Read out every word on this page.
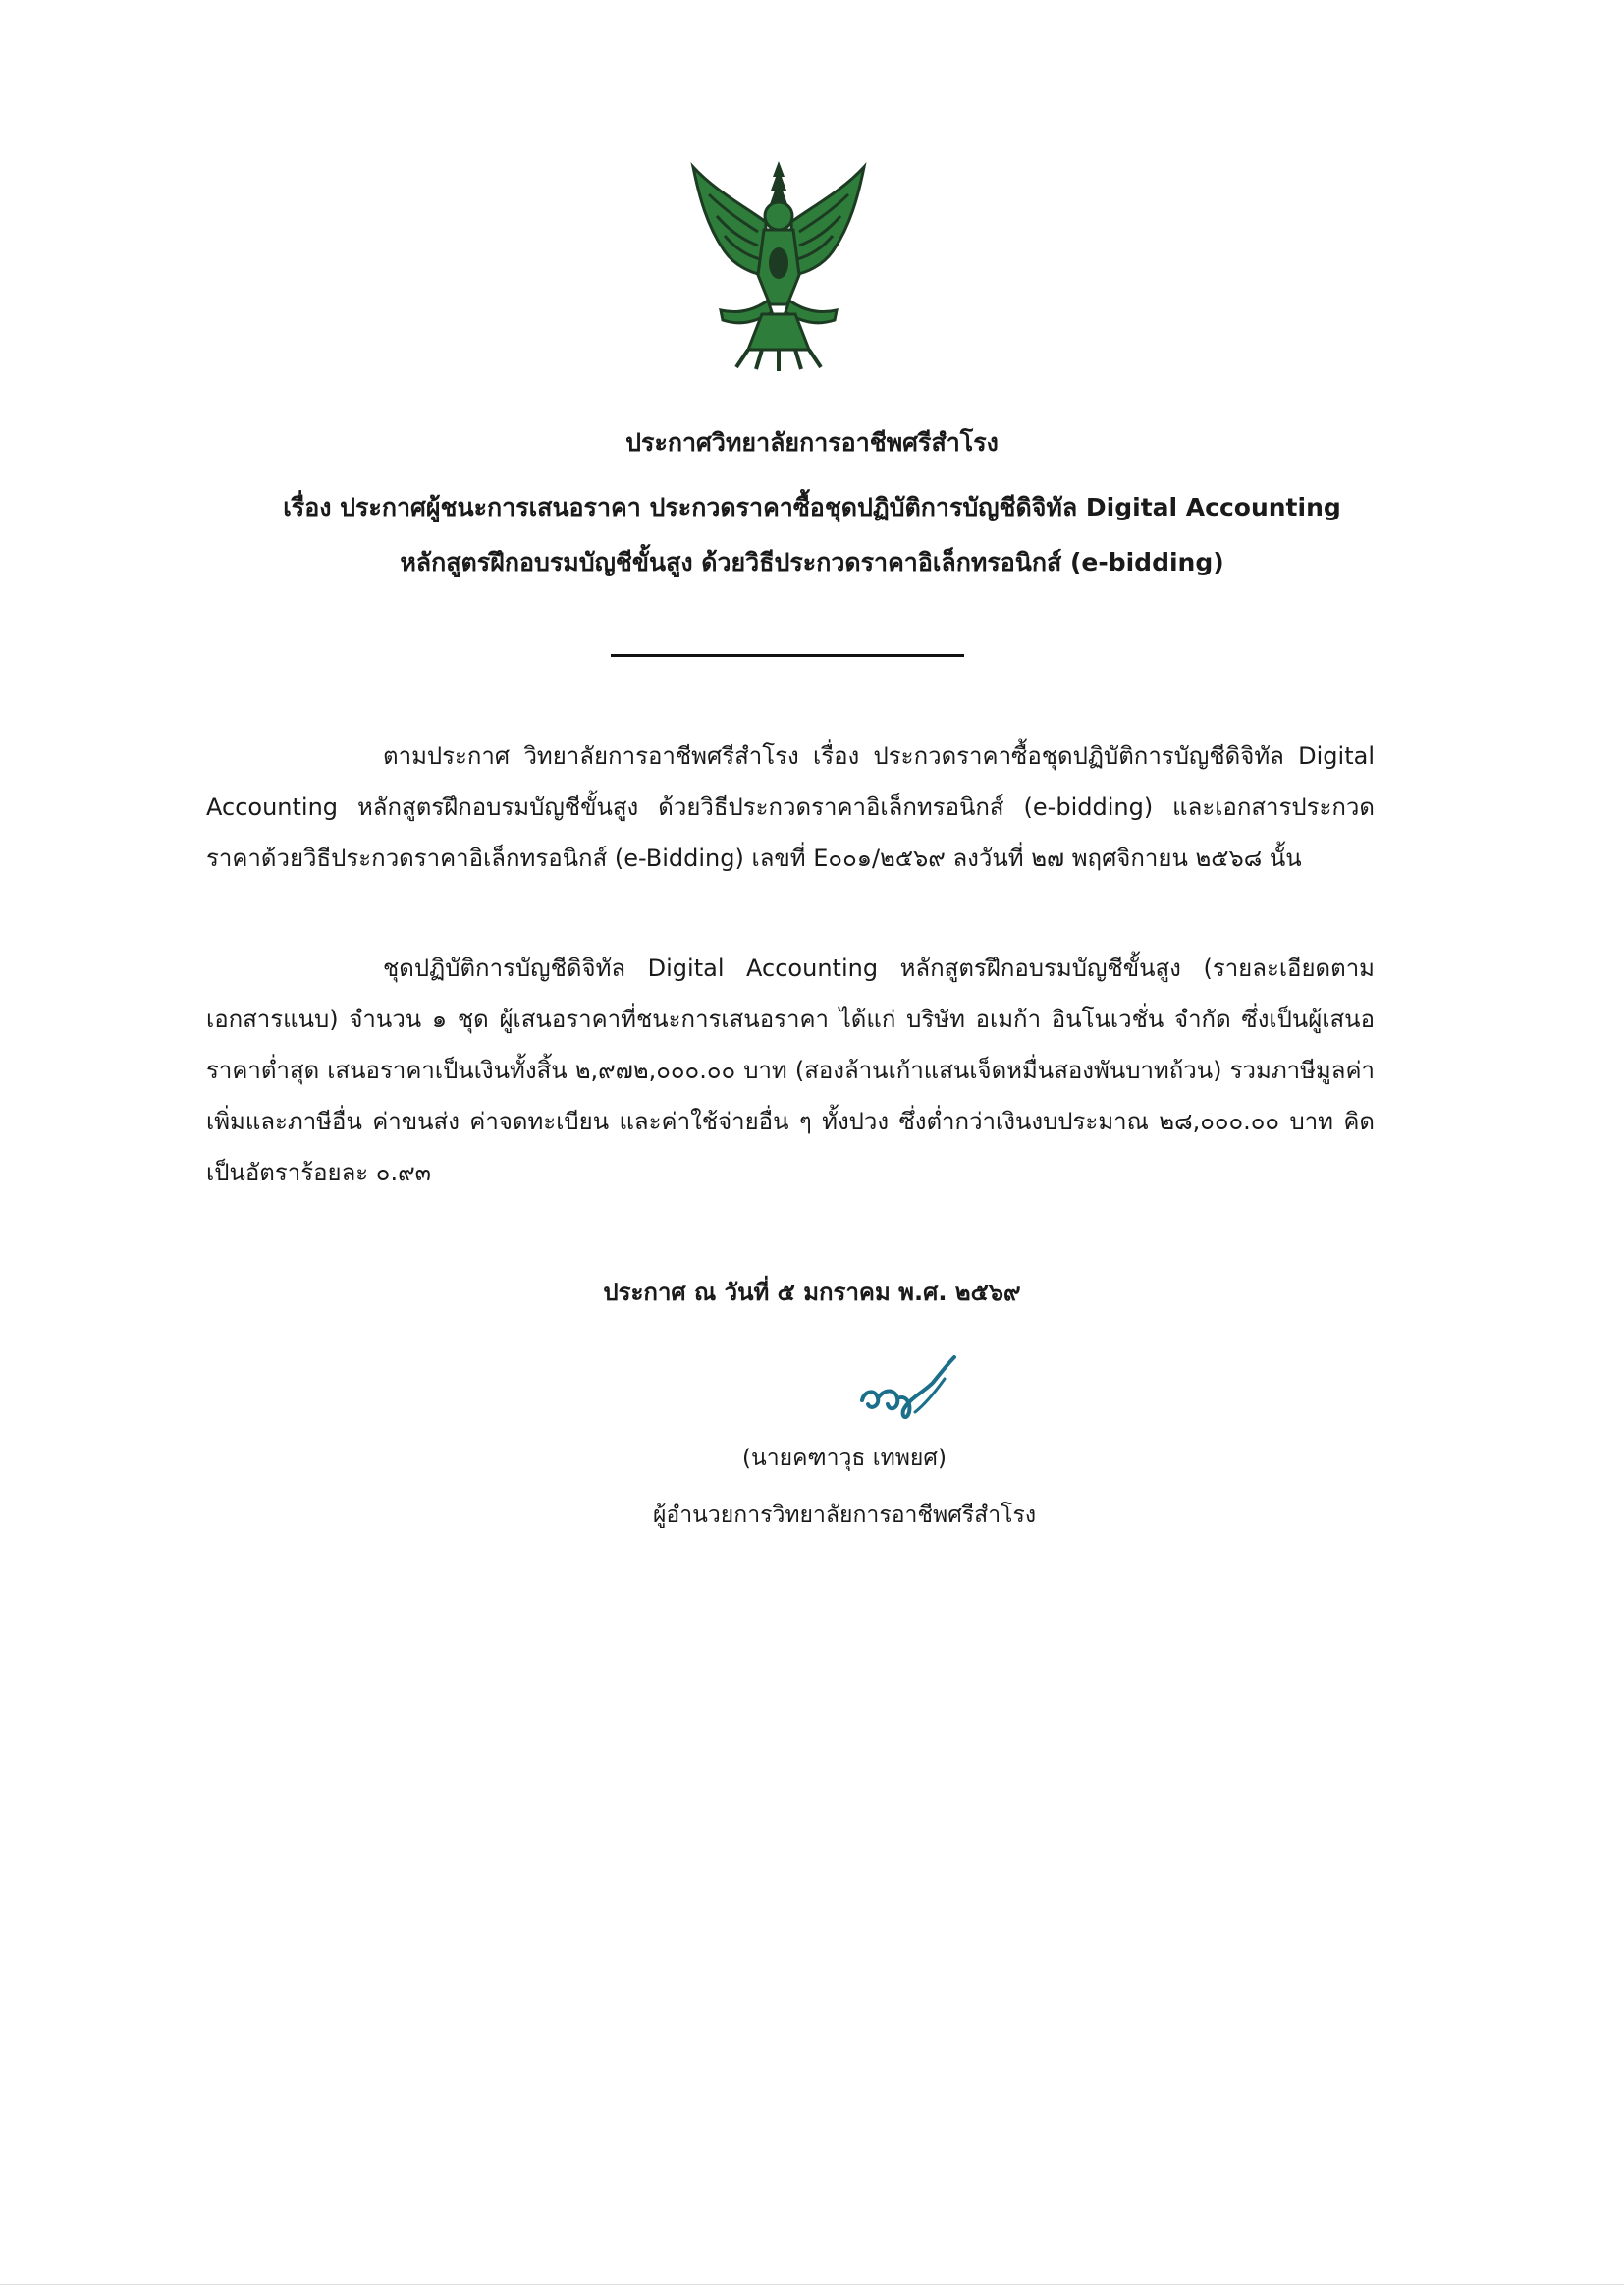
ประกาศวิทยาลัยการอาชีพศรีสำโรง
เรื่อง ประกาศผู้ชนะการเสนอราคา ประกวดราคาซื้อชุดปฏิบัติการบัญชีดิจิทัล Digital Accounting
หลักสูตรฝึกอบรมบัญชีขั้นสูง ด้วยวิธีประกวดราคาอิเล็กทรอนิกส์ (e-bidding)
ตามประกาศ วิทยาลัยการอาชีพศรีสำโรง เรื่อง ประกวดราคาซื้อชุดปฏิบัติการบัญชีดิจิทัล Digital Accounting หลักสูตรฝึกอบรมบัญชีขั้นสูง ด้วยวิธีประกวดราคาอิเล็กทรอนิกส์ (e-bidding) และเอกสารประกวดราคาด้วยวิธีประกวดราคาอิเล็กทรอนิกส์ (e-Bidding) เลขที่ E๐๐๑/๒๕๖๙ ลงวันที่ ๒๗ พฤศจิกายน ๒๕๖๘ นั้น
ชุดปฏิบัติการบัญชีดิจิทัล Digital Accounting หลักสูตรฝึกอบรมบัญชีขั้นสูง (รายละเอียดตามเอกสารแนบ) จำนวน ๑ ชุด ผู้เสนอราคาที่ชนะการเสนอราคา ได้แก่ บริษัท อเมก้า อินโนเวชั่น จำกัด ซึ่งเป็นผู้เสนอราคาต่ำสุด เสนอราคาเป็นเงินทั้งสิ้น ๒,๙๗๒,๐๐๐.๐๐ บาท (สองล้านเก้าแสนเจ็ดหมื่นสองพันบาทถ้วน) รวมภาษีมูลค่าเพิ่มและภาษีอื่น ค่าขนส่ง ค่าจดทะเบียน และค่าใช้จ่ายอื่น ๆ ทั้งปวง ซึ่งต่ำกว่าเงินงบประมาณ ๒๘,๐๐๐.๐๐ บาท คิดเป็นอัตราร้อยละ ๐.๙๓
ประกาศ ณ วันที่ ๕ มกราคม พ.ศ. ๒๕๖๙
(นายคฑาวุธ เทพยศ)
ผู้อำนวยการวิทยาลัยการอาชีพศรีสำโรง
